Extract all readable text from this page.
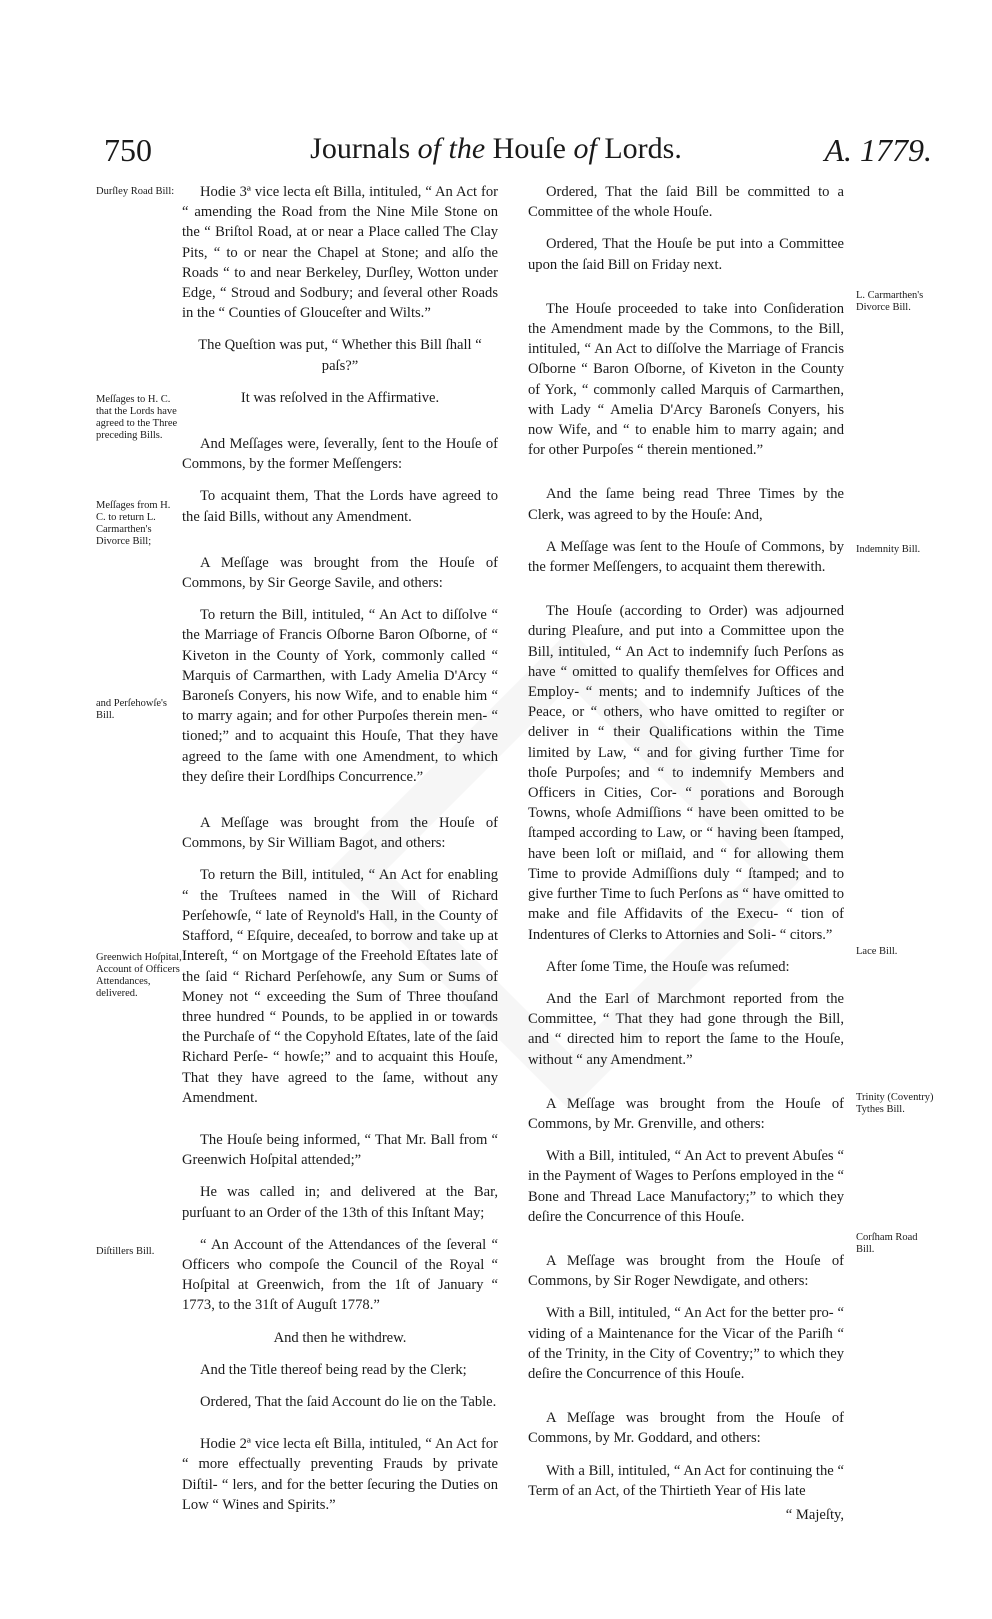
750	Journals of the Houſe of Lords.	A. 1779.
Durſley Road Bill:
Meſſages to H. C. that the Lords have agreed to the Three preceding Bills.
Meſſages from H. C. to return L. Carmarthen's Divorce Bill;
and Perſehowſe's Bill.
Greenwich Hoſpital, Account of Officers Attendances, delivered.
Diſtillers Bill.
L. Carmarthen's Divorce Bill.
Indemnity Bill.
Lace Bill.
Trinity (Coventry) Tythes Bill.
Corſham Road Bill.

Hodie 3ª vice lecta eſt Billa, intituled, “ An Act for “ amending the Road from the Nine Mile Stone on the “ Briſtol Road, at or near a Place called The Clay Pits, “ to or near the Chapel at Stone; and alſo the Roads “ to and near Berkeley, Durſley, Wotton under Edge, “ Stroud and Sodbury; and ſeveral other Roads in the “ Counties of Glouceſter and Wilts.”

The Queſtion was put, “ Whether this Bill ſhall “ paſs?”

It was reſolved in the Affirmative.

And Meſſages were, ſeverally, ſent to the Houſe of Commons, by the former Meſſengers:

To acquaint them, That the Lords have agreed to the ſaid Bills, without any Amendment.

A Meſſage was brought from the Houſe of Commons, by Sir George Savile, and others:

To return the Bill, intituled, “ An Act to diſſolve “ the Marriage of Francis Oſborne Baron Oſborne, of “ Kiveton in the County of York, commonly called “ Marquis of Carmarthen, with Lady Amelia D'Arcy “ Baroneſs Conyers, his now Wife, and to enable him “ to marry again; and for other Purpoſes therein men- “ tioned;” and to acquaint this Houſe, That they have agreed to the ſame with one Amendment, to which they deſire their Lordſhips Concurrence.”

A Meſſage was brought from the Houſe of Commons, by Sir William Bagot, and others:

To return the Bill, intituled, “ An Act for enabling “ the Truſtees named in the Will of Richard Perſehowſe, “ late of Reynold's Hall, in the County of Stafford, “ Eſquire, deceaſed, to borrow and take up at Intereſt, “ on Mortgage of the Freehold Eſtates late of the ſaid “ Richard Perſehowſe, any Sum or Sums of Money not “ exceeding the Sum of Three thouſand three hundred “ Pounds, to be applied in or towards the Purchaſe of “ the Copyhold Eſtates, late of the ſaid Richard Perſe- “ howſe;” and to acquaint this Houſe, That they have agreed to the ſame, without any Amendment.

The Houſe being informed, “ That Mr. Ball from “ Greenwich Hoſpital attended;”

He was called in; and delivered at the Bar, purſuant to an Order of the 13th of this Inſtant May;

“ An Account of the Attendances of the ſeveral “ Officers who compoſe the Council of the Royal “ Hoſpital at Greenwich, from the 1ſt of January “ 1773, to the 31ſt of Auguſt 1778.”

And then he withdrew.

And the Title thereof being read by the Clerk;

Ordered, That the ſaid Account do lie on the Table.

Hodie 2ª vice lecta eſt Billa, intituled, “ An Act for “ more effectually preventing Frauds by private Diſtil- “ lers, and for the better ſecuring the Duties on Low “ Wines and Spirits.”

Ordered, That the ſaid Bill be committed to a Committee of the whole Houſe.

Ordered, That the Houſe be put into a Committee upon the ſaid Bill on Friday next.

The Houſe proceeded to take into Conſideration the Amendment made by the Commons, to the Bill, intituled, “ An Act to diſſolve the Marriage of Francis Oſborne “ Baron Oſborne, of Kiveton in the County of York, “ commonly called Marquis of Carmarthen, with Lady “ Amelia D'Arcy Baroneſs Conyers, his now Wife, and “ to enable him to marry again; and for other Purpoſes “ therein mentioned.”

And the ſame being read Three Times by the Clerk, was agreed to by the Houſe: And,

A Meſſage was ſent to the Houſe of Commons, by the former Meſſengers, to acquaint them therewith.

The Houſe (according to Order) was adjourned during Pleaſure, and put into a Committee upon the Bill, intituled, “ An Act to indemnify ſuch Perſons as have “ omitted to qualify themſelves for Offices and Employ- “ ments; and to indemnify Juſtices of the Peace, or “ others, who have omitted to regiſter or deliver in “ their Qualifications within the Time limited by Law, “ and for giving further Time for thoſe Purpoſes; and “ to indemnify Members and Officers in Cities, Cor- “ porations and Borough Towns, whoſe Admiſſions “ have been omitted to be ſtamped according to Law, or “ having been ſtamped, have been loſt or miſlaid, and “ for allowing them Time to provide Admiſſions duly “ ſtamped; and to give further Time to ſuch Perſons as “ have omitted to make and file Affidavits of the Execu- “ tion of Indentures of Clerks to Attornies and Soli- “ citors.”

After ſome Time, the Houſe was reſumed:

And the Earl of Marchmont reported from the Committee, “ That they had gone through the Bill, and “ directed him to report the ſame to the Houſe, without “ any Amendment.”

A Meſſage was brought from the Houſe of Commons, by Mr. Grenville, and others:

With a Bill, intituled, “ An Act to prevent Abuſes “ in the Payment of Wages to Perſons employed in the “ Bone and Thread Lace Manufactory;” to which they deſire the Concurrence of this Houſe.

A Meſſage was brought from the Houſe of Commons, by Sir Roger Newdigate, and others:

With a Bill, intituled, “ An Act for the better pro- “ viding of a Maintenance for the Vicar of the Pariſh “ of the Trinity, in the City of Coventry;” to which they deſire the Concurrence of this Houſe.

A Meſſage was brought from the Houſe of Commons, by Mr. Goddard, and others:

With a Bill, intituled, “ An Act for continuing the “ Term of an Act, of the Thirtieth Year of His late

“ Majeſty,
